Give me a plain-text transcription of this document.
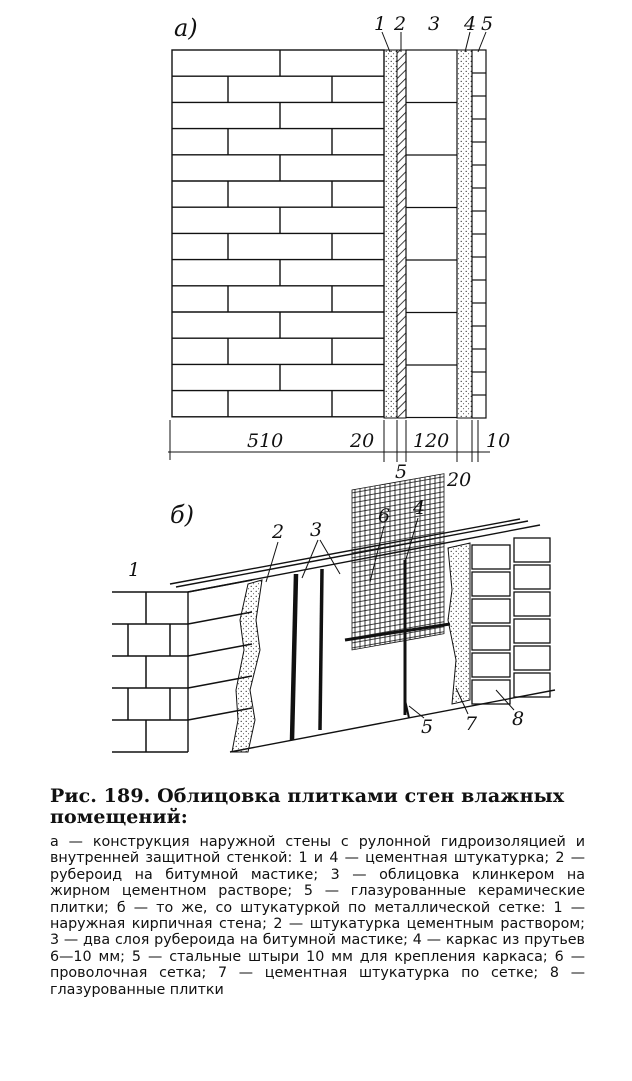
а)	1 2 3 4 5
510	20 120 10
5 20
б)
1
2 3
6 4
5 7 8

Рис. 189. Облицовка плитками стен влажных помещений:

а — конструкция наружной стены с рулонной гидроизоляцией и внутренней защитной стенкой: 1 и 4 — цементная штукатурка; 2 — рубероид на битумной мастике; 3 — облицовка клинкером на жирном цементном растворе; 5 — глазурованные керамические плитки; б — то же, со штукатуркой по металлической сетке: 1 — наружная кирпичная стена; 2 — штукатурка цементным раствором; 3 — два слоя рубероида на битумной мастике; 4 — каркас из прутьев 6—10 мм; 5 — стальные штыри 10 мм для крепления каркаса; 6 — проволочная сетка; 7 — цементная штукатурка по сетке; 8 — глазурованные плитки
